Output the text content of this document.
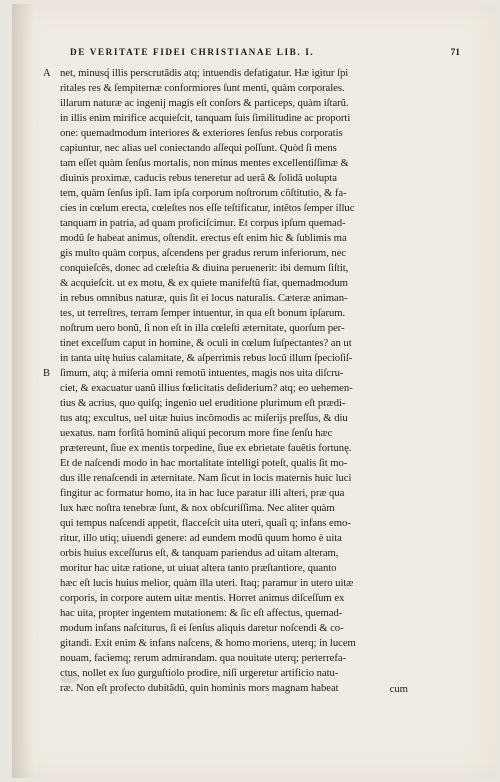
DE VERITATE FIDEI CHRISTIANAE LIB. I.	71
A net, minusq́ illis perscrutãdis atq; intuendis defatigatur. Hæ igitur ſpi
ritales res & ſempiternæ conformiores ſunt menti, quàm corporales.
illarum naturæ ac ingenij magis eſt conſors & particeps, quàm iſtarũ.
in illis enim mirifice acquieſcit, tanquam ſuis ſimilitudine ac proporti
one: quemadmodum interiores & exteriores ſenſus rebus corporatis
capiuntur, nec alias uel coniectando aſſequi poſſunt. Quòd ſi mens
tam eſſet quàm ſenſus mortalis, non minus mentes excellentiſſimæ &
diuinis proximæ, caducis rebus teneretur ad uerã & ſolidã uolupta
tem, quàm ſenſus ipſi. Iam ipſa corporum noſtrorum cõſtitutio, & fa-
cies in cœlum erecta, cœleſtes nos eſſe teſtificatur, intẽtos ſemper illuc
tanquam in patria, ad quam proficiſcimur. Et corpus ipſum quemad-
modũ ſe habeat animus, oſtendit. erectus eſt enim hic & ſublimis ma
gis multo quàm corpus, aſcendens per gradus rerum inferiorum, nec
conquieſcẽs, donec ad cœleſtia & diuina peruenerit: ibi demum ſiſtit,
& acquieſcit. ut ex motu, & ex quiete manifeſtũ fiat, quemadmodum
in rebus omnibus naturæ, quis ſit ei locus naturalis. Cæteræ animan-
tes, ut terreſtres, terram ſemper intuentur, in qua eſt bonum ipſarum.
noſtrum uero bonũ, ſi non eſt in illa cœleſti æternitate, quorſum per-
tinet exceſſum caput in homine, & oculi in cœlum ſuſpectantes? an ut
in tanta uitę huius calamitate, & aſperrimis rebus locũ illum ſpecioſiſ-
B ſimum, atq; à miſeria omni remotũ intuentes, magis nos uita diſcru-
ciet, & exacuatur uanũ illius fœlicitatis deſiderium? atq; eo uehemen-
tius & acrius, quo quiſq; ingenio uel eruditione plurimum eſt prædi-
tus atq; excultus, uel uitæ huius incõmodis ac miſerijs preſſus, & diu
uexatus. nam forſitã hominũ aliqui pecorum more fine ſenſu hæc
prætereunt, ſiue ex mentis torpedine, ſiue ex ebrietate fauẽtis fortunę.
Et de naſcendi modo in hac mortalitate intelligi poteſt, qualis ſit mo-
dus ille renaſcendi in æternitate. Nam ſicut in locis maternis huic luci
fingitur ac formatur homo, ita in hac luce paratur illi alteri, præ qua
lux hæc noſtra tenebræ ſunt, & nox obſcuriſſima. Nec aliter quàm
qui tempus naſcendi appetit, flacceſcit uita uteri, quaſi q; infans emo-
ritur, illo utiq; uiuendi genere: ad eundem modũ quum homo è uita
orbis huius exceſſurus eſt, & tanquam pariendus ad uitam alteram,
moritur hac uitæ ratione, ut uiuat altera tanto præſtantiore, quanto
hæc eſt lucis huius melior, quàm illa uteri. Itaq; paramur in utero uitæ
corporis, in corpore autem uitæ mentis. Horret animus diſceſſum ex
hac uita, propter ingentem mutationem: & ſic eſt affectus, quemad-
modum infans naſciturus, ſi ei ſenſus aliquis daretur noſcendi & co-
gitandi. Exit enim & infans naſcens, & homo moriens, uterq; in lucem
nouam, faciemq; rerum admirandam. qua nouitate uterq; perterrefa-
ctus, nollet ex ſuo gurguſtiolo prodire, niſi urgeretur artificio natu-
ræ. Non eſt profecto dubitãdũ, quin hominis mors magnam habeat	cum
